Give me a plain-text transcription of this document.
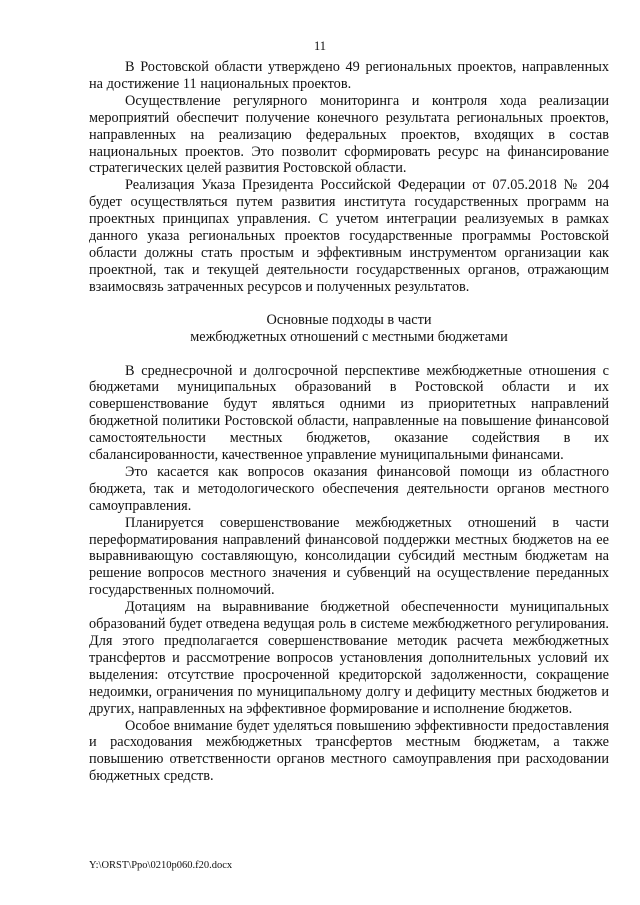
11

В Ростовской области утверждено 49 региональных проектов, направленных на достижение 11 национальных проектов.

Осуществление регулярного мониторинга и контроля хода реализации мероприятий обеспечит получение конечного результата региональных проектов, направленных на реализацию федеральных проектов, входящих в состав национальных проектов. Это позволит сформировать ресурс на финансирование стратегических целей развития Ростовской области.

Реализация Указа Президента Российской Федерации от 07.05.2018 № 204 будет осуществляться путем развития института государственных программ на проектных принципах управления. С учетом интеграции реализуемых в рамках данного указа региональных проектов государственные программы Ростовской области должны стать простым и эффективным инструментом организации как проектной, так и текущей деятельности государственных органов, отражающим взаимосвязь затраченных ресурсов и полученных результатов.

Основные подходы в части
межбюджетных отношений с местными бюджетами

В среднесрочной и долгосрочной перспективе межбюджетные отношения с бюджетами муниципальных образований в Ростовской области и их совершенствование будут являться одними из приоритетных направлений бюджетной политики Ростовской области, направленные на повышение финансовой самостоятельности местных бюджетов, оказание содействия в их сбалансированности, качественное управление муниципальными финансами.

Это касается как вопросов оказания финансовой помощи из областного бюджета, так и методологического обеспечения деятельности органов местного самоуправления.

Планируется совершенствование межбюджетных отношений в части переформатирования направлений финансовой поддержки местных бюджетов на ее выравнивающую составляющую, консолидации субсидий местным бюджетам на решение вопросов местного значения и субвенций на осуществление переданных государственных полномочий.

Дотациям на выравнивание бюджетной обеспеченности муниципальных образований будет отведена ведущая роль в системе межбюджетного регулирования. Для этого предполагается совершенствование методик расчета межбюджетных трансфертов и рассмотрение вопросов установления дополнительных условий их выделения: отсутствие просроченной кредиторской задолженности, сокращение недоимки, ограничения по муниципальному долгу и дефициту местных бюджетов и других, направленных на эффективное формирование и исполнение бюджетов.

Особое внимание будет уделяться повышению эффективности предоставления и расходования межбюджетных трансфертов местным бюджетам, а также повышению ответственности органов местного самоуправления при расходовании бюджетных средств.

Y:\ORST\Ppo\0210p060.f20.docx
